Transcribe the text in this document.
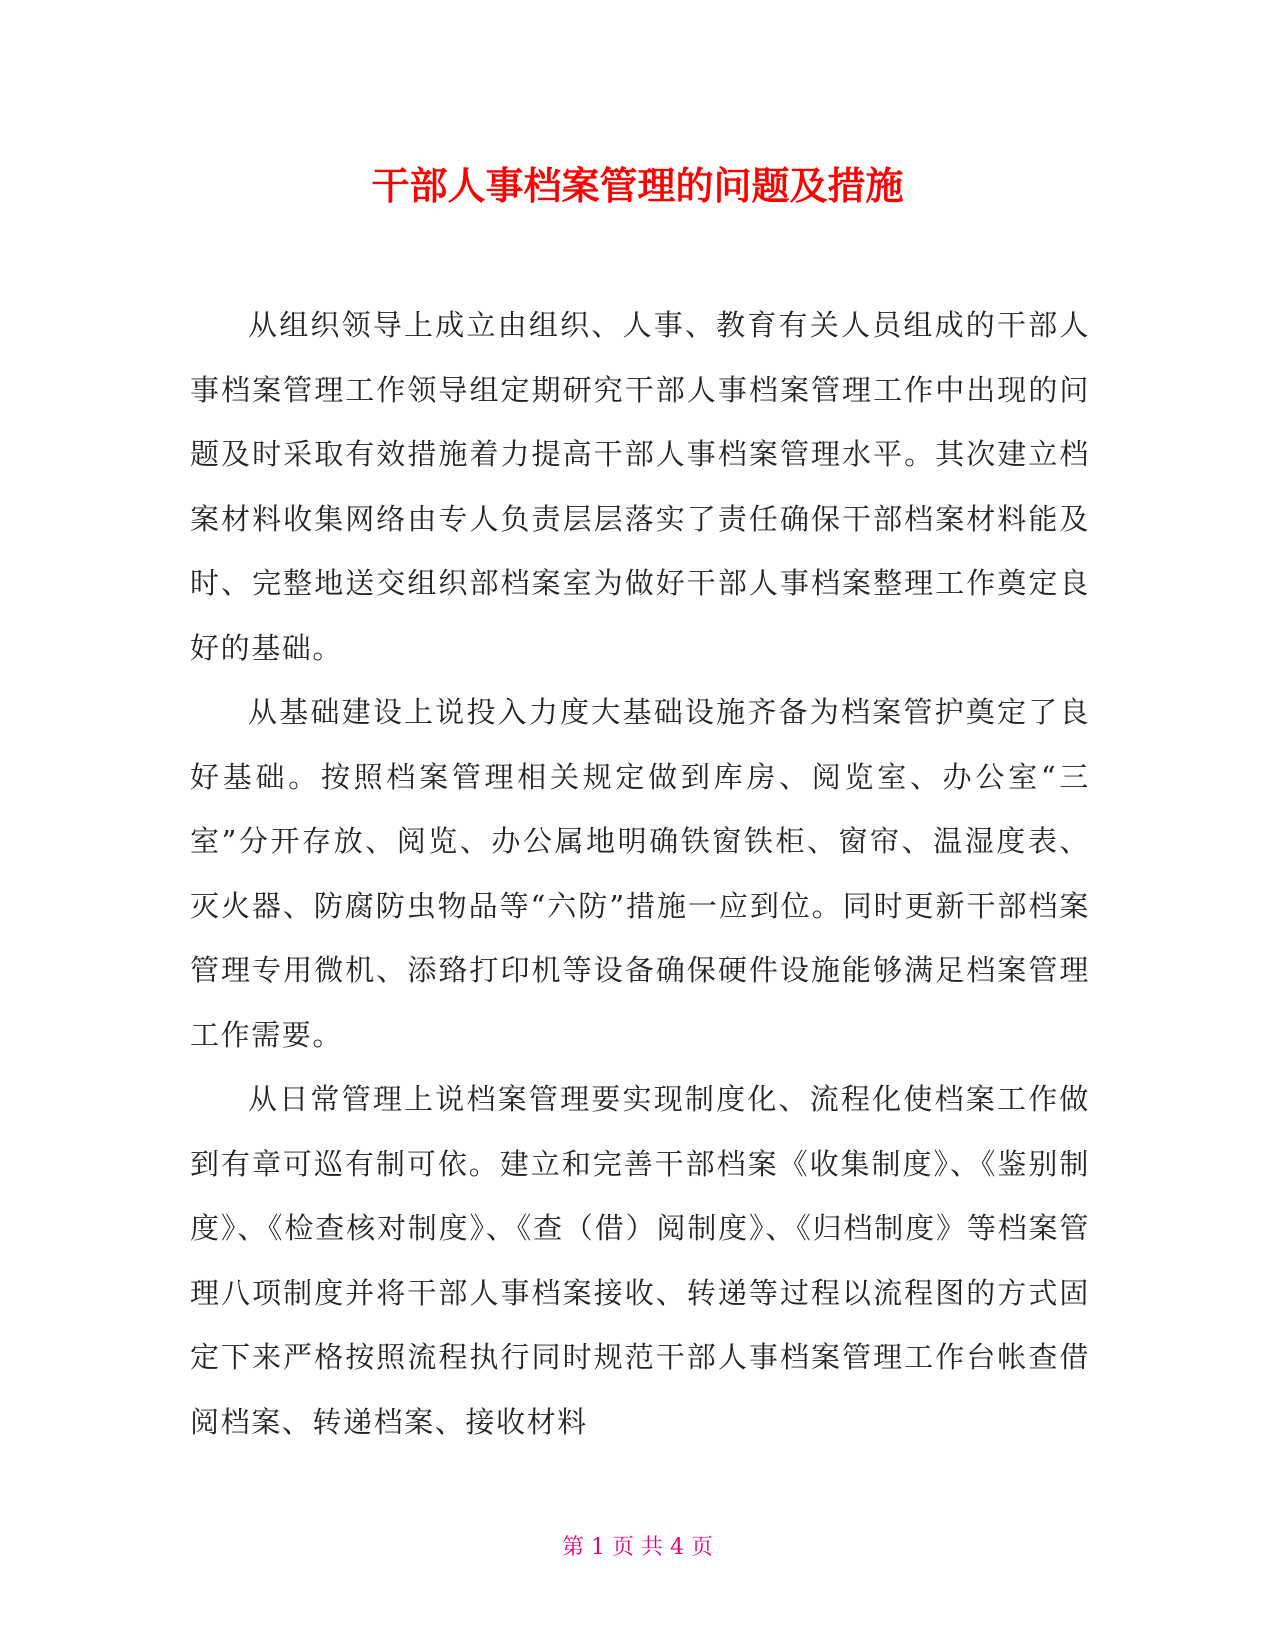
干部人事档案管理的问题及措施

从组织领导上成立由组织、人事、教育有关人员组成的干部人事档案管理工作领导组定期研究干部人事档案管理工作中出现的问题及时采取有效措施着力提高干部人事档案管理水平。其次建立档案材料收集网络由专人负责层层落实了责任确保干部档案材料能及时、完整地送交组织部档案室为做好干部人事档案整理工作奠定良好的基础。

从基础建设上说投入力度大基础设施齐备为档案管护奠定了良好基础。按照档案管理相关规定做到库房、阅览室、办公室“三室”分开存放、阅览、办公属地明确铁窗铁柜、窗帘、温湿度表、灭火器、防腐防虫物品等“六防”措施一应到位。同时更新干部档案管理专用微机、添臵打印机等设备确保硬件设施能够满足档案管理工作需要。

从日常管理上说档案管理要实现制度化、流程化使档案工作做到有章可巡有制可依。建立和完善干部档案《收集制度》、《鉴别制度》、《检查核对制度》、《查（借）阅制度》、《归档制度》等档案管理八项制度并将干部人事档案接收、转递等过程以流程图的方式固定下来严格按照流程执行同时规范干部人事档案管理工作台帐查借阅档案、转递档案、接收材料

第 1 页 共 4 页
